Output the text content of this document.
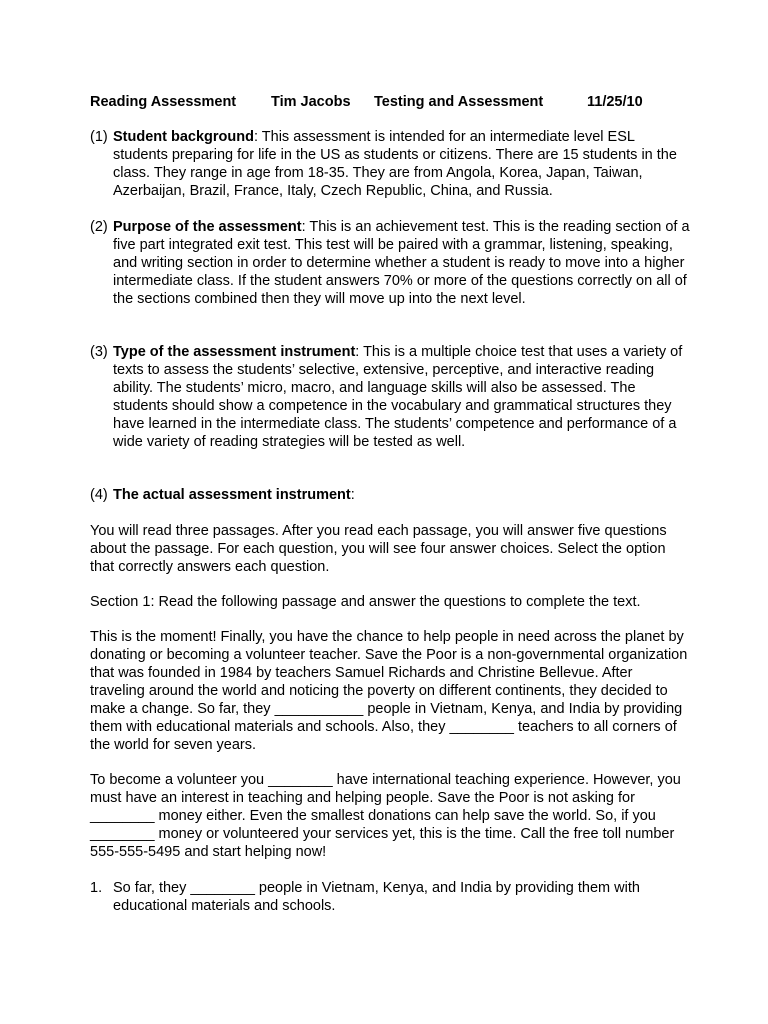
Reading Assessment Tim Jacobs Testing and Assessment	11/25/10
(1) Student background: This assessment is intended for an intermediate level ESL students preparing for life in the US as students or citizens. There are 15 students in the class. They range in age from 18-35. They are from Angola, Korea, Japan, Taiwan, Azerbaijan, Brazil, France, Italy, Czech Republic, China, and Russia.
(2) Purpose of the assessment: This is an achievement test. This is the reading section of a five part integrated exit test. This test will be paired with a grammar, listening, speaking, and writing section in order to determine whether a student is ready to move into a higher intermediate class. If the student answers 70% or more of the questions correctly on all of the sections combined then they will move up into the next level.
(3) Type of the assessment instrument: This is a multiple choice test that uses a variety of texts to assess the students’ selective, extensive, perceptive, and interactive reading ability. The students’ micro, macro, and language skills will also be assessed. The students should show a competence in the vocabulary and grammatical structures they have learned in the intermediate class. The students’ competence and performance of a wide variety of reading strategies will be tested as well.
(4) The actual assessment instrument:
You will read three passages. After you read each passage, you will answer five questions about the passage. For each question, you will see four answer choices. Select the option that correctly answers each question.
Section 1: Read the following passage and answer the questions to complete the text.
This is the moment! Finally, you have the chance to help people in need across the planet by donating or becoming a volunteer teacher. Save the Poor is a non-governmental organization that was founded in 1984 by teachers Samuel Richards and Christine Bellevue. After traveling around the world and noticing the poverty on different continents, they decided to make a change. So far, they ___________ people in Vietnam, Kenya, and India by providing them with educational materials and schools. Also, they ________ teachers to all corners of the world for seven years.
To become a volunteer you ________ have international teaching experience. However, you must have an interest in teaching and helping people. Save the Poor is not asking for ________ money either. Even the smallest donations can help save the world. So, if you ________ money or volunteered your services yet, this is the time. Call the free toll number 555-555-5495 and start helping now!
1. So far, they ________ people in Vietnam, Kenya, and India by providing them with educational materials and schools.
